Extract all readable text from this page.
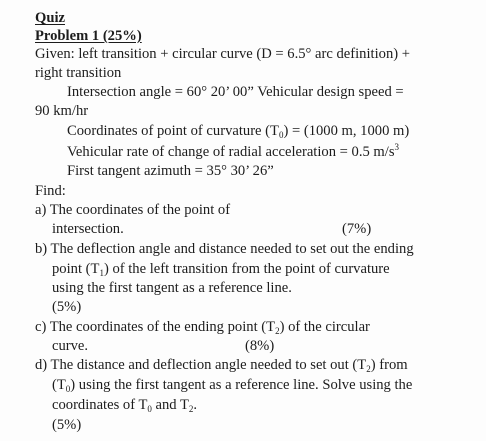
Quiz
Problem 1 (25%)
Given: left transition + circular curve (D = 6.5° arc definition) +
right transition
Intersection angle = 60° 20’ 00” Vehicular design speed =
90 km/hr
Coordinates of point of curvature $(T_0) = (1000$ m, 1000 m)
Vehicular rate of change of radial acceleration = 0.5 $m/s^3$
First tangent azimuth = 35° 30’ 26”
Find:
a) The coordinates of the point of
intersection.	(7%)
b) The deflection angle and distance needed to set out the ending
point $(T_1)$ of the left transition from the point of curvature
using the first tangent as a reference line.
(5%)
c) The coordinates of the ending point $(T_2)$ of the circular
curve.	(8%)
d) The distance and deflection angle needed to set out $(T_2)$ from
$(T_0)$ using the first tangent as a reference line. Solve using the
coordinates of $T_0$ and $T_2$.
(5%)
